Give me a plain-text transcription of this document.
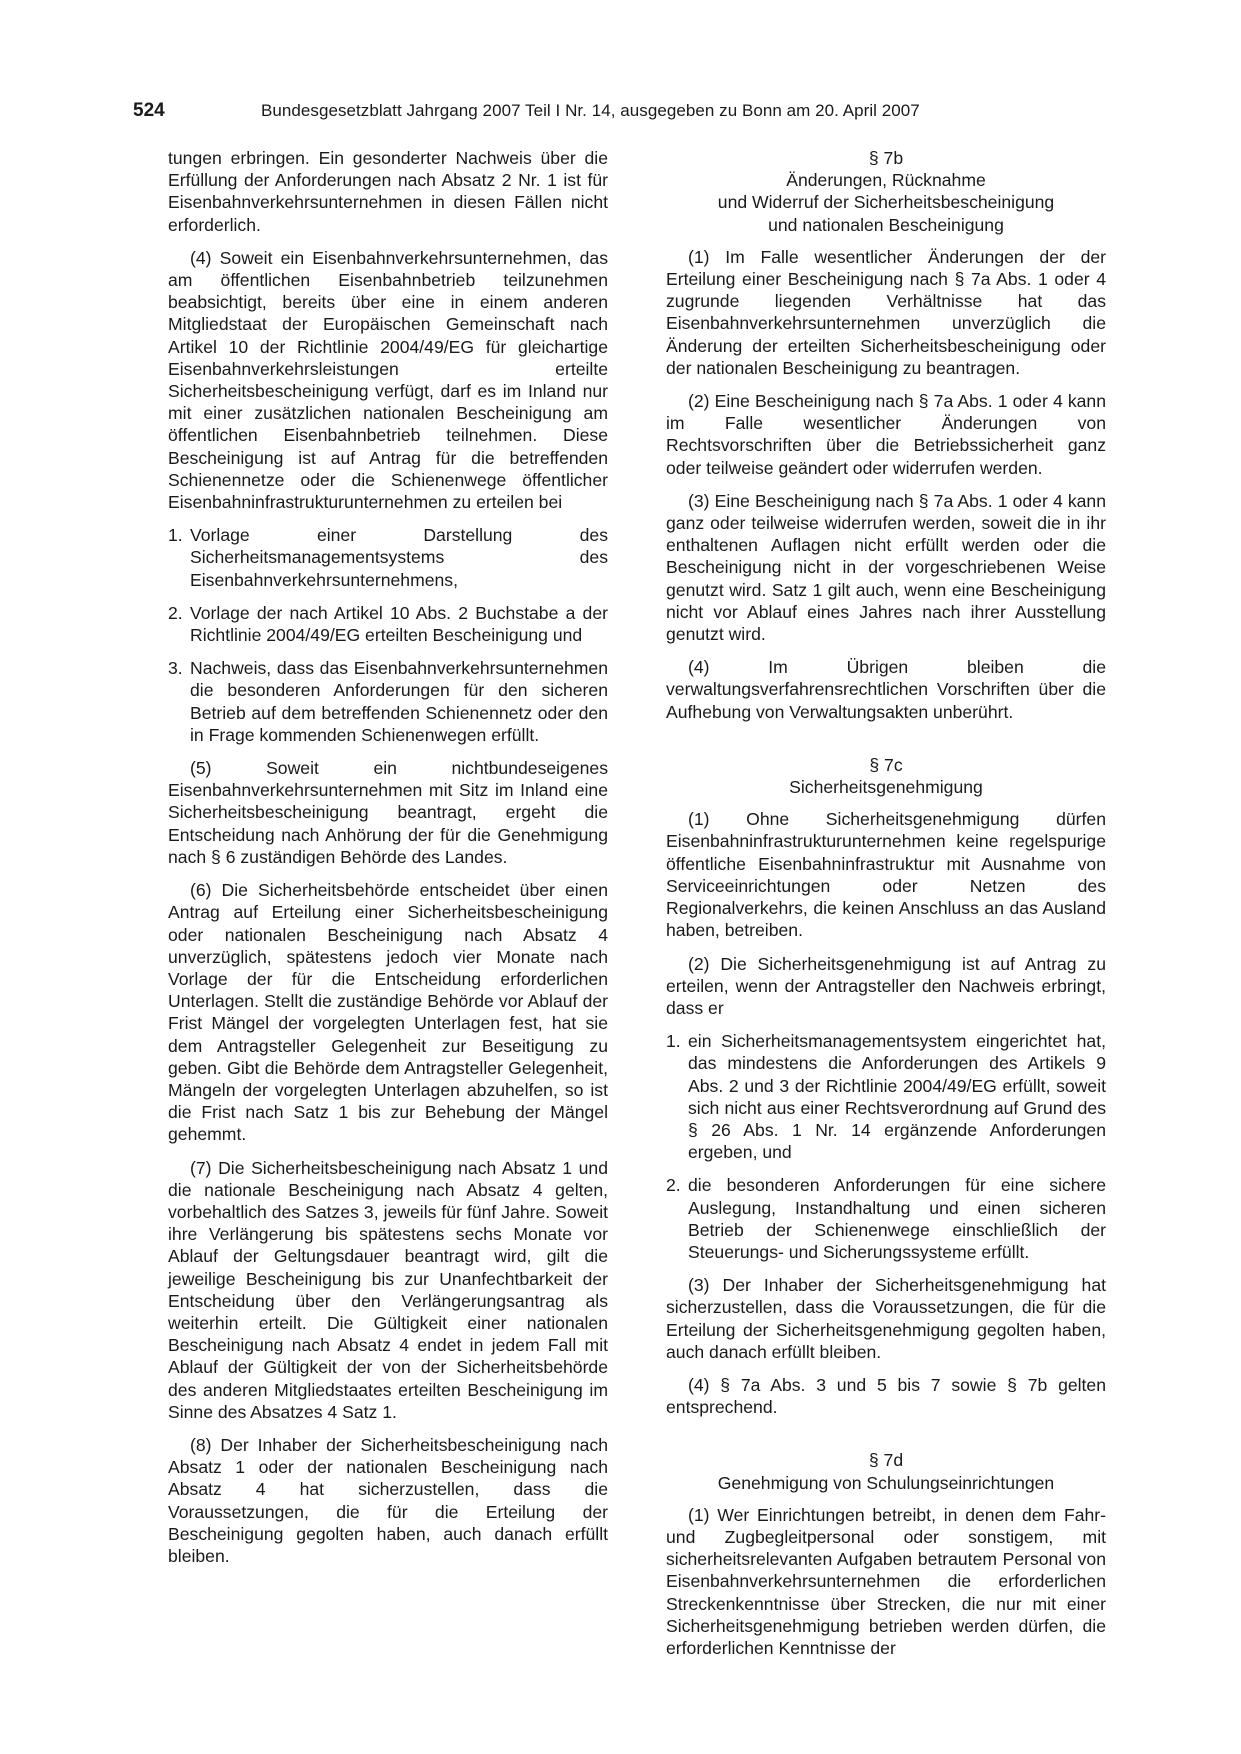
524	Bundesgesetzblatt Jahrgang 2007 Teil I Nr. 14, ausgegeben zu Bonn am 20. April 2007

tungen erbringen. Ein gesonderter Nachweis über die Erfüllung der Anforderungen nach Absatz 2 Nr. 1 ist für Eisenbahnverkehrsunternehmen in diesen Fällen nicht erforderlich.

(4) Soweit ein Eisenbahnverkehrsunternehmen, das am öffentlichen Eisenbahnbetrieb teilzunehmen beabsichtigt, bereits über eine in einem anderen Mitgliedstaat der Europäischen Gemeinschaft nach Artikel 10 der Richtlinie 2004/49/EG für gleichartige Eisenbahnverkehrsleistungen erteilte Sicherheitsbescheinigung verfügt, darf es im Inland nur mit einer zusätzlichen nationalen Bescheinigung am öffentlichen Eisenbahnbetrieb teilnehmen. Diese Bescheinigung ist auf Antrag für die betreffenden Schienennetze oder die Schienenwege öffentlicher Eisenbahninfrastrukturunternehmen zu erteilen bei

1. Vorlage einer Darstellung des Sicherheitsmanagementsystems des Eisenbahnverkehrsunternehmens,
2. Vorlage der nach Artikel 10 Abs. 2 Buchstabe a der Richtlinie 2004/49/EG erteilten Bescheinigung und
3. Nachweis, dass das Eisenbahnverkehrsunternehmen die besonderen Anforderungen für den sicheren Betrieb auf dem betreffenden Schienennetz oder den in Frage kommenden Schienenwegen erfüllt.

(5) Soweit ein nichtbundeseigenes Eisenbahnverkehrsunternehmen mit Sitz im Inland eine Sicherheitsbescheinigung beantragt, ergeht die Entscheidung nach Anhörung der für die Genehmigung nach § 6 zuständigen Behörde des Landes.

(6) Die Sicherheitsbehörde entscheidet über einen Antrag auf Erteilung einer Sicherheitsbescheinigung oder nationalen Bescheinigung nach Absatz 4 unverzüglich, spätestens jedoch vier Monate nach Vorlage der für die Entscheidung erforderlichen Unterlagen. Stellt die zuständige Behörde vor Ablauf der Frist Mängel der vorgelegten Unterlagen fest, hat sie dem Antragsteller Gelegenheit zur Beseitigung zu geben. Gibt die Behörde dem Antragsteller Gelegenheit, Mängeln der vorgelegten Unterlagen abzuhelfen, so ist die Frist nach Satz 1 bis zur Behebung der Mängel gehemmt.

(7) Die Sicherheitsbescheinigung nach Absatz 1 und die nationale Bescheinigung nach Absatz 4 gelten, vorbehaltlich des Satzes 3, jeweils für fünf Jahre. Soweit ihre Verlängerung bis spätestens sechs Monate vor Ablauf der Geltungsdauer beantragt wird, gilt die jeweilige Bescheinigung bis zur Unanfechtbarkeit der Entscheidung über den Verlängerungsantrag als weiterhin erteilt. Die Gültigkeit einer nationalen Bescheinigung nach Absatz 4 endet in jedem Fall mit Ablauf der Gültigkeit der von der Sicherheitsbehörde des anderen Mitgliedstaates erteilten Bescheinigung im Sinne des Absatzes 4 Satz 1.

(8) Der Inhaber der Sicherheitsbescheinigung nach Absatz 1 oder der nationalen Bescheinigung nach Absatz 4 hat sicherzustellen, dass die Voraussetzungen, die für die Erteilung der Bescheinigung gegolten haben, auch danach erfüllt bleiben.

§ 7b

Änderungen, Rücknahme

und Widerruf der Sicherheitsbescheinigung

und nationalen Bescheinigung

(1) Im Falle wesentlicher Änderungen der der Erteilung einer Bescheinigung nach § 7a Abs. 1 oder 4 zugrunde liegenden Verhältnisse hat das Eisenbahnverkehrsunternehmen unverzüglich die Änderung der erteilten Sicherheitsbescheinigung oder der nationalen Bescheinigung zu beantragen.

(2) Eine Bescheinigung nach § 7a Abs. 1 oder 4 kann im Falle wesentlicher Änderungen von Rechtsvorschriften über die Betriebssicherheit ganz oder teilweise geändert oder widerrufen werden.

(3) Eine Bescheinigung nach § 7a Abs. 1 oder 4 kann ganz oder teilweise widerrufen werden, soweit die in ihr enthaltenen Auflagen nicht erfüllt werden oder die Bescheinigung nicht in der vorgeschriebenen Weise genutzt wird. Satz 1 gilt auch, wenn eine Bescheinigung nicht vor Ablauf eines Jahres nach ihrer Ausstellung genutzt wird.

(4) Im Übrigen bleiben die verwaltungsverfahrensrechtlichen Vorschriften über die Aufhebung von Verwaltungsakten unberührt.

§ 7c

Sicherheitsgenehmigung

(1) Ohne Sicherheitsgenehmigung dürfen Eisenbahninfrastrukturunternehmen keine regelspurige öffentliche Eisenbahninfrastruktur mit Ausnahme von Serviceeinrichtungen oder Netzen des Regionalverkehrs, die keinen Anschluss an das Ausland haben, betreiben.

(2) Die Sicherheitsgenehmigung ist auf Antrag zu erteilen, wenn der Antragsteller den Nachweis erbringt, dass er

1. ein Sicherheitsmanagementsystem eingerichtet hat, das mindestens die Anforderungen des Artikels 9 Abs. 2 und 3 der Richtlinie 2004/49/EG erfüllt, soweit sich nicht aus einer Rechtsverordnung auf Grund des § 26 Abs. 1 Nr. 14 ergänzende Anforderungen ergeben, und
2. die besonderen Anforderungen für eine sichere Auslegung, Instandhaltung und einen sicheren Betrieb der Schienenwege einschließlich der Steuerungs- und Sicherungssysteme erfüllt.

(3) Der Inhaber der Sicherheitsgenehmigung hat sicherzustellen, dass die Voraussetzungen, die für die Erteilung der Sicherheitsgenehmigung gegolten haben, auch danach erfüllt bleiben.

(4) § 7a Abs. 3 und 5 bis 7 sowie § 7b gelten entsprechend.

§ 7d

Genehmigung von Schulungseinrichtungen

(1) Wer Einrichtungen betreibt, in denen dem Fahr- und Zugbegleitpersonal oder sonstigem, mit sicherheitsrelevanten Aufgaben betrautem Personal von Eisenbahnverkehrsunternehmen die erforderlichen Streckenkenntnisse über Strecken, die nur mit einer Sicherheitsgenehmigung betrieben werden dürfen, die erforderlichen Kenntnisse der
